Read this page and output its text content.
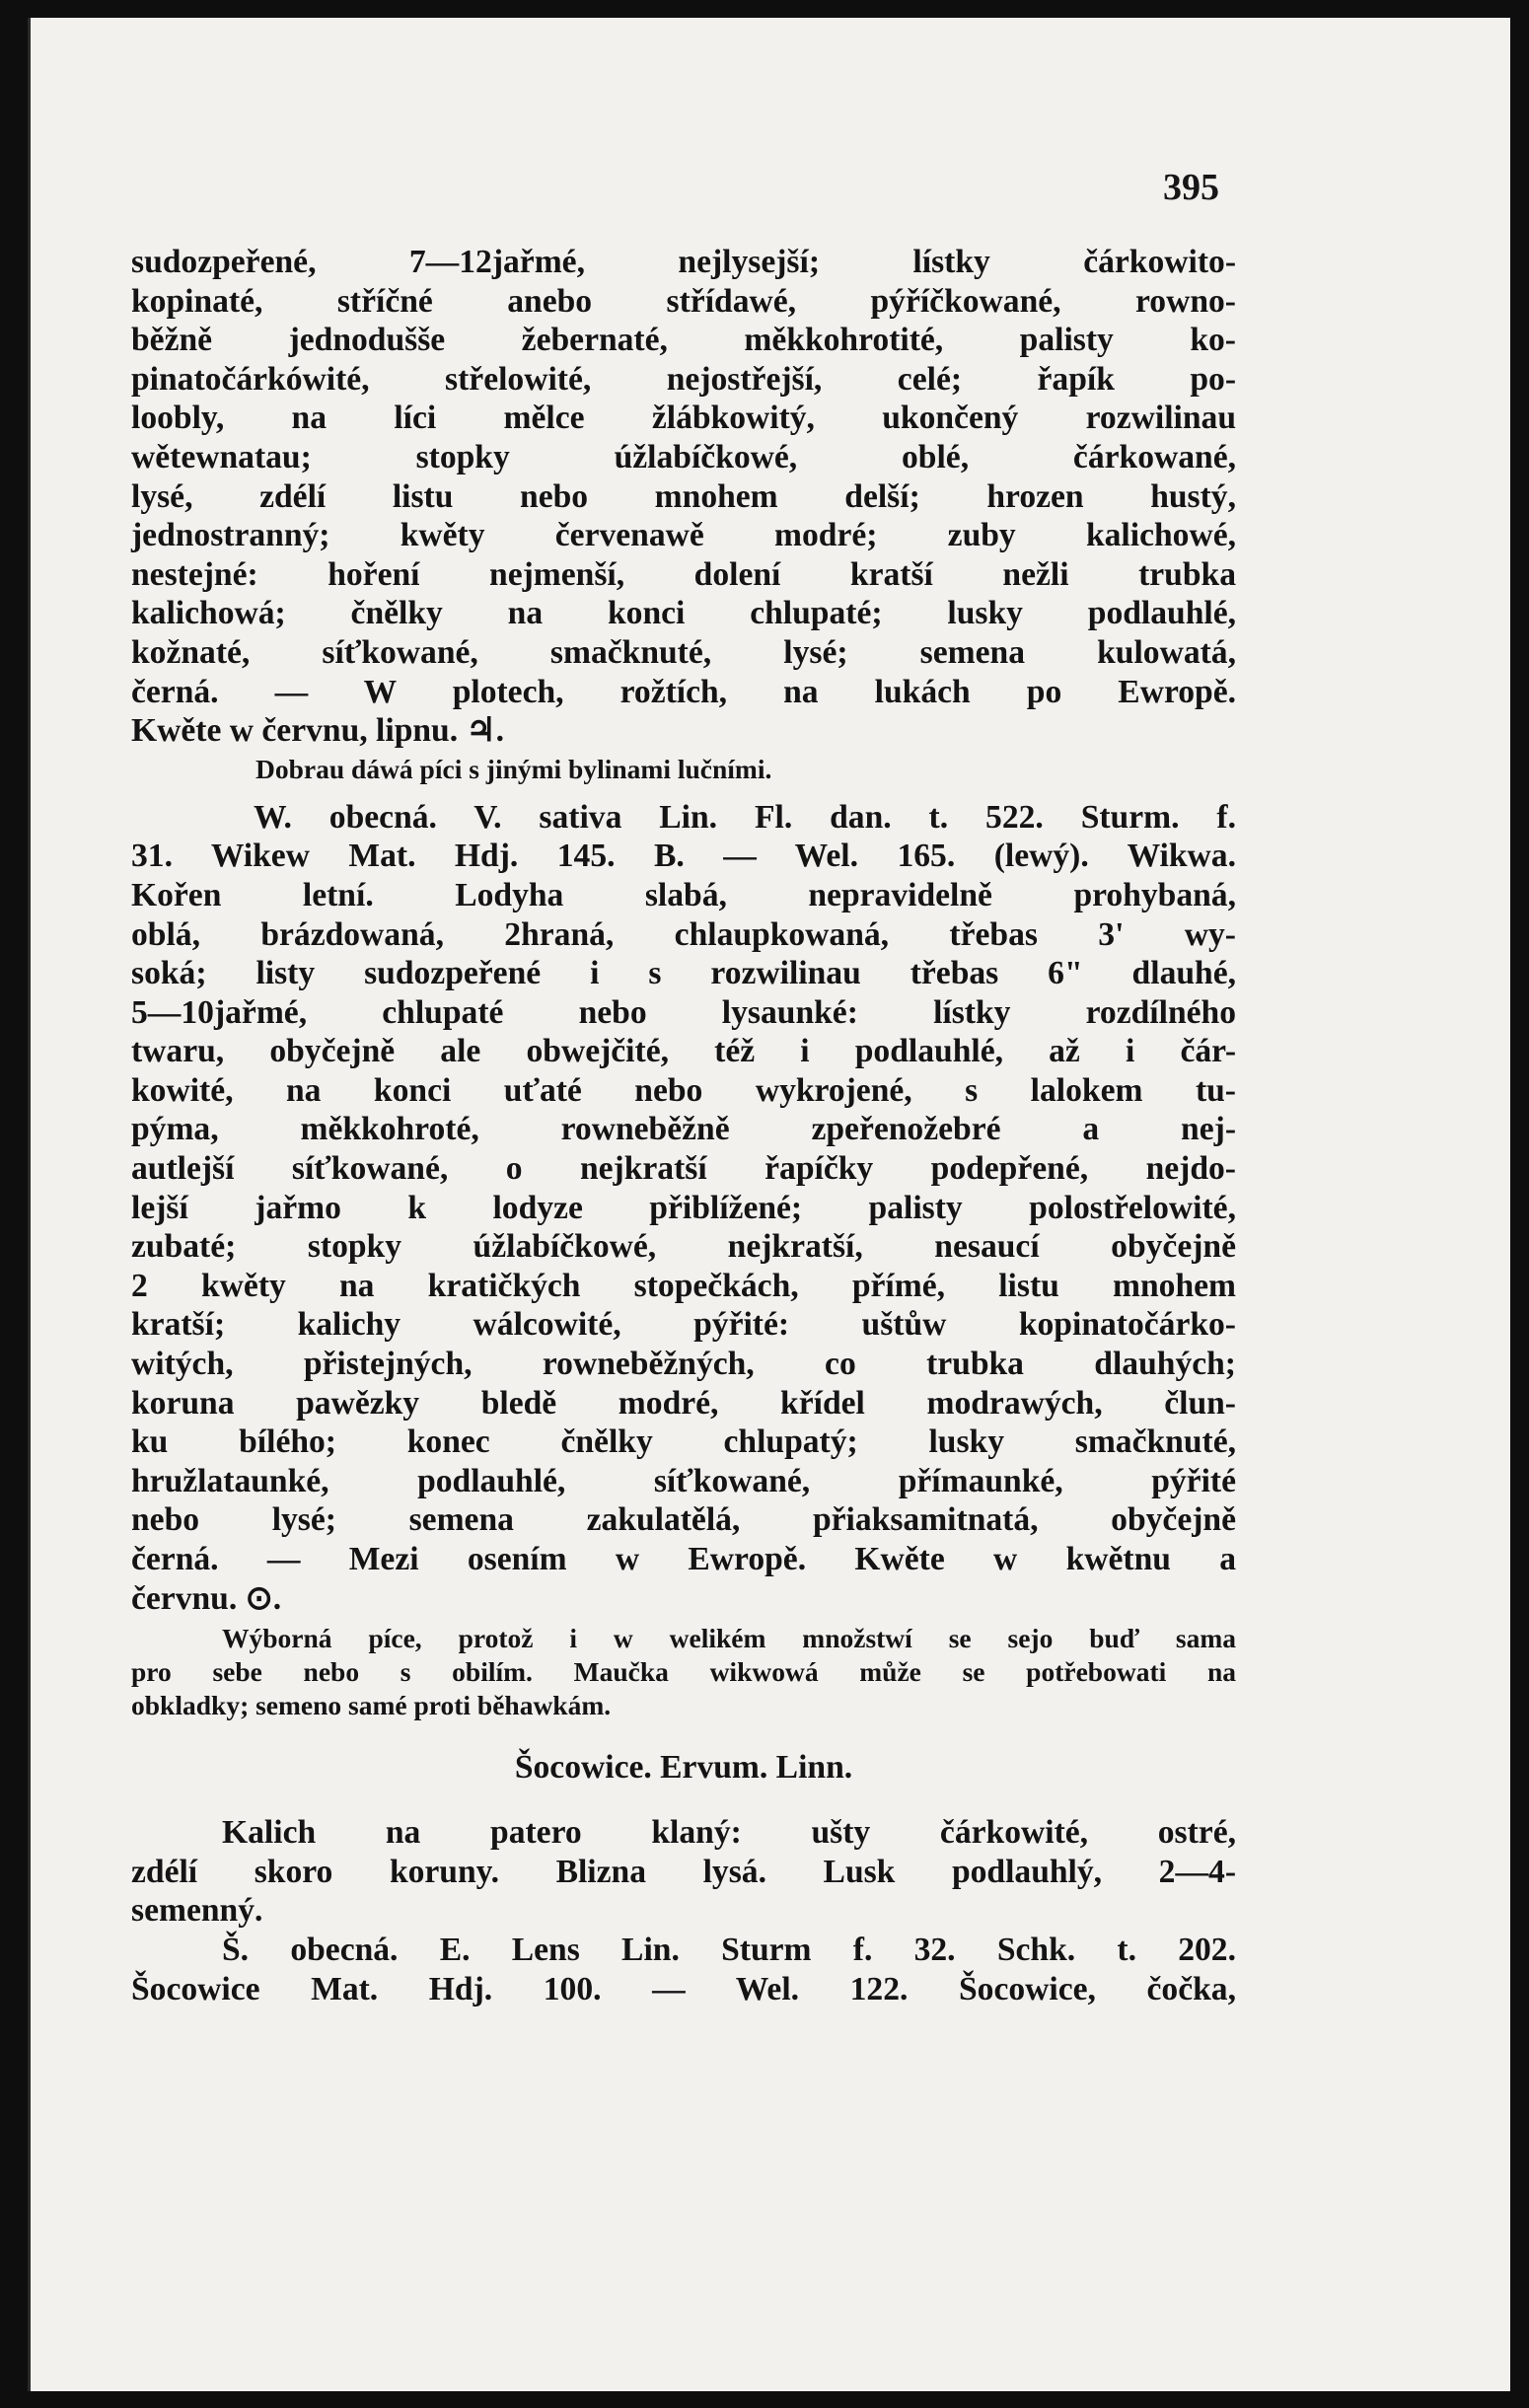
395
sudozpeřené, 7—12jařmé, nejlysejší; lístky čárkowito-
kopinaté, stříčné anebo střídawé, pýříčkowané, rowno-
běžně jednodušše žebernaté, měkkohrotité, palisty ko-
pinatočárkówité, střelowité, nejostřejší, celé; řapík po-
loobly, na líci mělce žlábkowitý, ukončený rozwilinau
wětewnatau; stopky úžlabíčkowé, oblé, čárkowané,
lysé, zdélí listu nebo mnohem delší; hrozen hustý,
jednostranný; kwěty červenawě modré; zuby kalichowé,
nestejné: hoření nejmenší, dolení kratší nežli trubka
kalichowá; čnělky na konci chlupaté; lusky podlauhlé,
kožnaté, síťkowané, smačknuté, lysé; semena kulowatá,
černá. — W plotech, rožtích, na lukách po Ewropě.
Kwěte w červnu, lipnu. ♃.
Dobrau dáwá píci s jinými bylinami lučními.
W. obecná. V. sativa Lin. Fl. dan. t. 522. Sturm. f.
31. Wikew Mat. Hdj. 145. B. — Wel. 165. (lewý). Wikwa.
Kořen letní. Lodyha slabá, nepravidelně prohybaná,
oblá, brázdowaná, 2hraná, chlaupkowaná, třebas 3' wy-
soká; listy sudozpeřené i s rozwilinau třebas 6" dlauhé,
5—10jařmé, chlupaté nebo lysaunké: lístky rozdílného
twaru, obyčejně ale obwejčité, též i podlauhlé, až i čár-
kowité, na konci uťaté nebo wykrojené, s lalokem tu-
pýma, měkkohroté, rowneběžně zpeřenožebré a nej-
autlejší síťkowané, o nejkratší řapíčky podepřené, nejdo-
lejší jařmo k lodyze přiblížené; palisty polostřelowité,
zubaté; stopky úžlabíčkowé, nejkratší, nesaucí obyčejně
2 kwěty na kratičkých stopečkách, přímé, listu mnohem
kratší; kalichy wálcowité, pýřité: uštůw kopinatočárko-
witých, přistejných, rowneběžných, co trubka dlauhých;
koruna pawězky bledě modré, křídel modrawých, člun-
ku bílého; konec čnělky chlupatý; lusky smačknuté,
hružlataunké, podlauhlé, síťkowané, přímaunké, pýřité
nebo lysé; semena zakulatělá, přiaksamitnatá, obyčejně
černá. — Mezi osením w Ewropě. Kwěte w kwětnu a
červnu. ⊙.
Wýborná píce, protož i w welikém množstwí se sejo buď sama
pro sebe nebo s obilím. Maučka wikwowá může se potřebowati na
obkladky; semeno samé proti běhawkám.
Šocowice. Ervum. Linn.
Kalich na patero klaný: ušty čárkowité, ostré,
zdélí skoro koruny. Blizna lysá. Lusk podlauhlý, 2—4-
semenný.
Š. obecná. E. Lens Lin. Sturm f. 32. Schk. t. 202.
Šocowice Mat. Hdj. 100. — Wel. 122. Šocowice, čočka,
